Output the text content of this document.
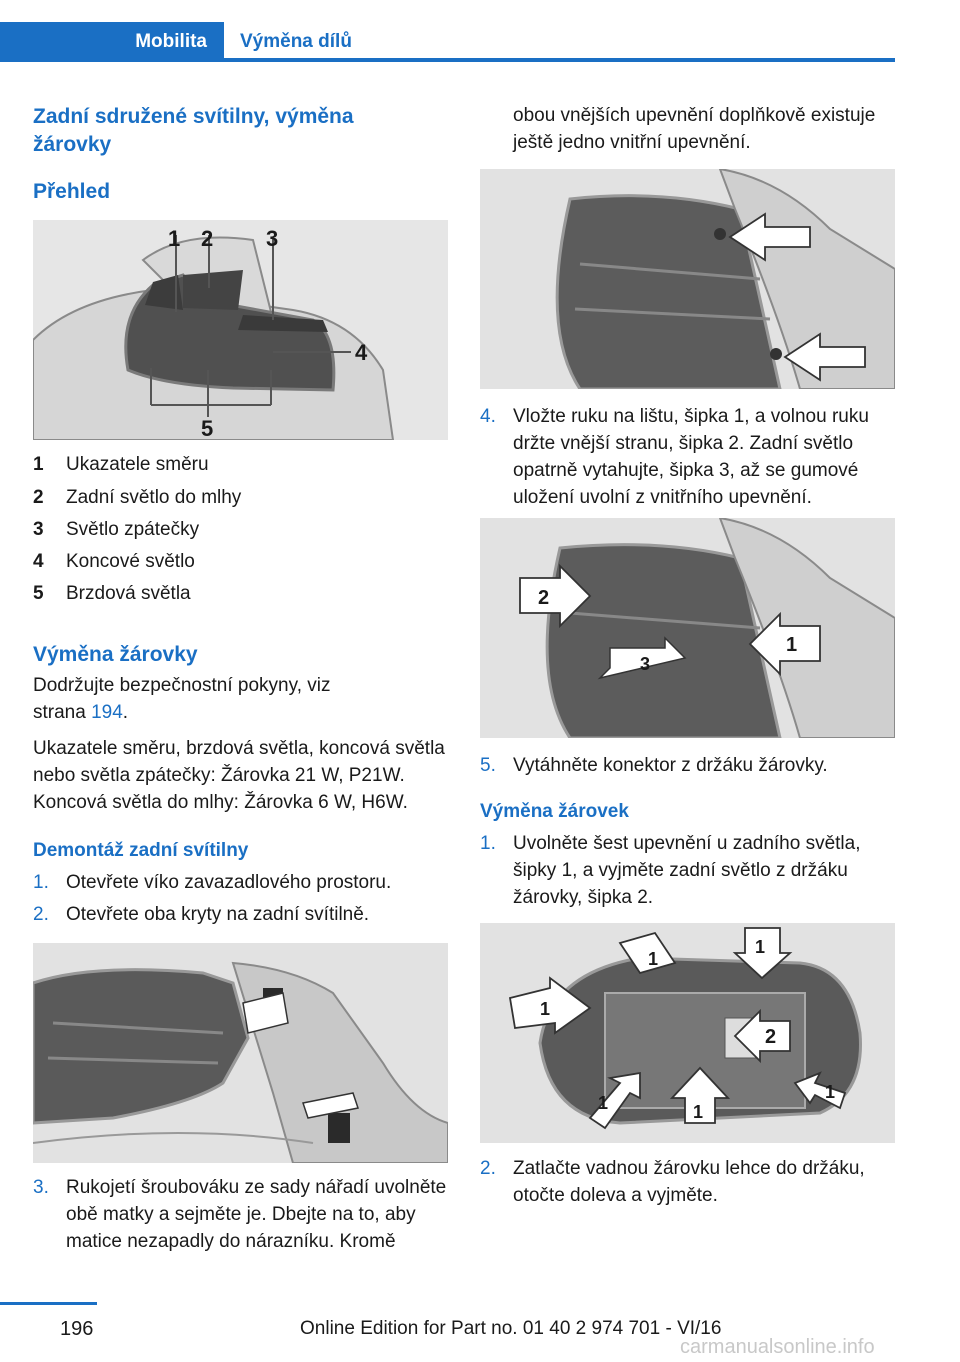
Mobilita	Výměna dílů
Zadní sdružené svítilny, výměna žárovky
Přehled
1 2 3
4
5
1	Ukazatele směru
2	Zadní světlo do mlhy
3	Světlo zpátečky
4	Koncové světlo
5	Brzdová světla
Výměna žárovky
Dodržujte bezpečnostní pokyny, viz strana 194.
Ukazatele směru, brzdová světla, koncová světla nebo světla zpátečky: Žárovka 21 W, P21W.
Koncová světla do mlhy: Žárovka 6 W, H6W.
Demontáž zadní svítilny
1. Otevřete víko zavazadlového prostoru.
2. Otevřete oba kryty na zadní svítilně.
3. Rukojetí šroubováku ze sady nářadí uvolněte obě matky a sejměte je. Dbejte na to, aby matice nezapadly do nárazníku. Kromě
obou vnějších upevnění doplňkově existuje ještě jedno vnitřní upevnění.
4. Vložte ruku na lištu, šipka 1, a volnou ruku držte vnější stranu, šipka 2. Zadní světlo opatrně vytahujte, šipka 3, až se gumové uložení uvolní z vnitřního upevnění.
2
1
3
5. Vytáhněte konektor z držáku žárovky.
Výměna žárovek
1. Uvolněte šest upevnění u zadního světla, šipky 1, a vyjměte zadní světlo z držáku žárovky, šipka 2.
1
1
1
1	1
1
2
2. Zatlačte vadnou žárovku lehce do držáku, otočte doleva a vyjměte.
196	Online Edition for Part no. 01 40 2 974 701 - VI/16
carmanualsonline.info
